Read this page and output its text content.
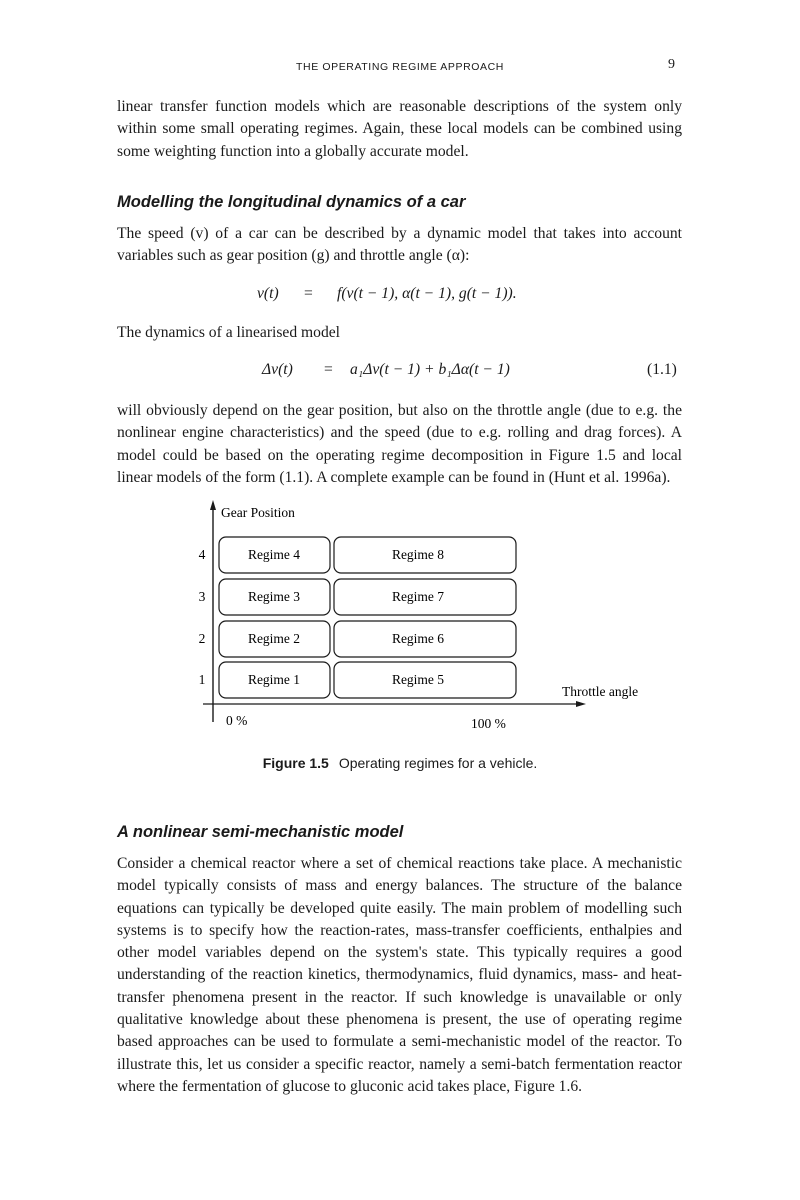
THE OPERATING REGIME APPROACH	9

linear transfer function models which are reasonable descriptions of the system only within some small operating regimes. Again, these local models can be combined using some weighting function into a globally accurate model.

Modelling the longitudinal dynamics of a car

The speed (v) of a car can be described by a dynamic model that takes into account variables such as gear position (g) and throttle angle (α):

v(t) = f(v(t − 1), α(t − 1), g(t − 1)).

The dynamics of a linearised model

Δv(t) = a₁Δv(t − 1) + b₁Δα(t − 1)	(1.1)

will obviously depend on the gear position, but also on the throttle angle (due to e.g. the nonlinear engine characteristics) and the speed (due to e.g. rolling and drag forces). A model could be based on the operating regime decomposition in Figure 1.5 and local linear models of the form (1.1). A complete example can be found in (Hunt et al. 1996a).

Gear Position
Throttle angle
4
3
2
1
Regime 4
Regime 3
Regime 2
Regime 1
Regime 8
Regime 7
Regime 6
Regime 5
0 %	100 %
Figure 1.5 Operating regimes for a vehicle.
A nonlinear semi-mechanistic model

Consider a chemical reactor where a set of chemical reactions take place. A mechanistic model typically consists of mass and energy balances. The structure of the balance equations can typically be developed quite easily. The main problem of modelling such systems is to specify how the reaction-rates, mass-transfer coefficients, enthalpies and other model variables depend on the system's state. This typically requires a good understanding of the reaction kinetics, thermodynamics, fluid dynamics, mass- and heat-transfer phenomena present in the reactor. If such knowledge is unavailable or only qualitative knowledge about these phenomena is present, the use of operating regime based approaches can be used to formulate a semi-mechanistic model of the reactor. To illustrate this, let us consider a specific reactor, namely a semi-batch fermentation reactor where the fermentation of glucose to gluconic acid takes place, Figure 1.6.
